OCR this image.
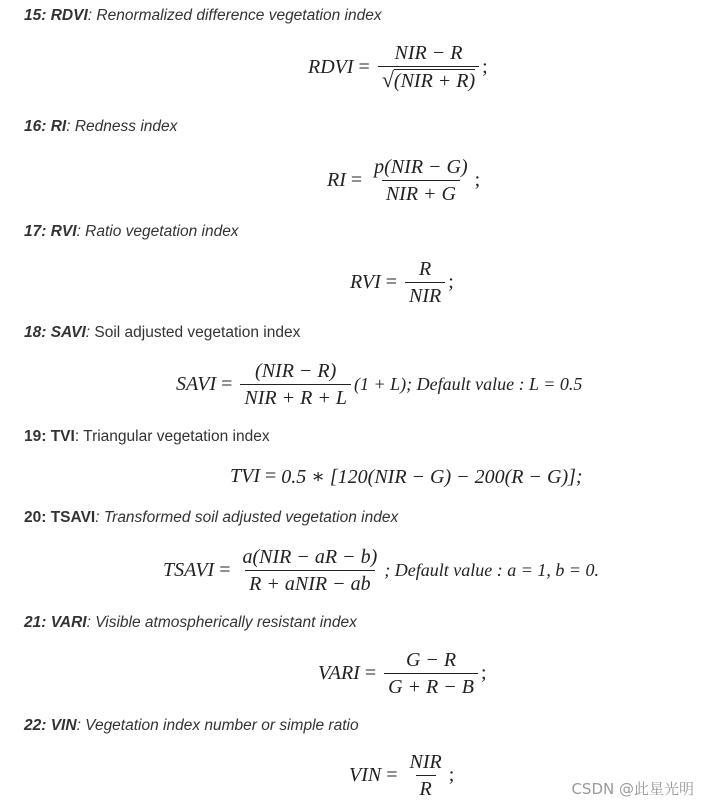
15: RDVI: Renormalized difference vegetation index
RDVI = $\frac{\text{NIR − R}}{\text{√ (NIR + R)}}$ ;
16: RI: Redness index
RI = $\frac{\text{p(NIR − G)}}{\text{NIR + G}}$ ;
17: RVI: Ratio vegetation index
RVI = $\frac{R}{\text{NIR}}$ ;
18: SAVI: Soil adjusted vegetation index
SAVI = $\frac{\text{(NIR − R)}}{\text{NIR + R + L}} (1 + L)$; Default value : L = 0.5
19: TVI: Triangular vegetation index
TVI = 0.5 ∗ [120(NIR − G) − 200(R − G)];
20: TSAVI: Transformed soil adjusted vegetation index
TSAVI = $\frac{\text{a(NIR − aR − b)}}{\text{R + aNIR − ab}}$ ; Default value : a = 1, b = 0.
21: VARI: Visible atmospherically resistant index
VARI = $\frac{G - R}{G + R - B}$ ;
22: VIN: Vegetation index number or simple ratio
VIN = $\frac{\text{NIR}}{R}$ ;
CSDN @此星光明
